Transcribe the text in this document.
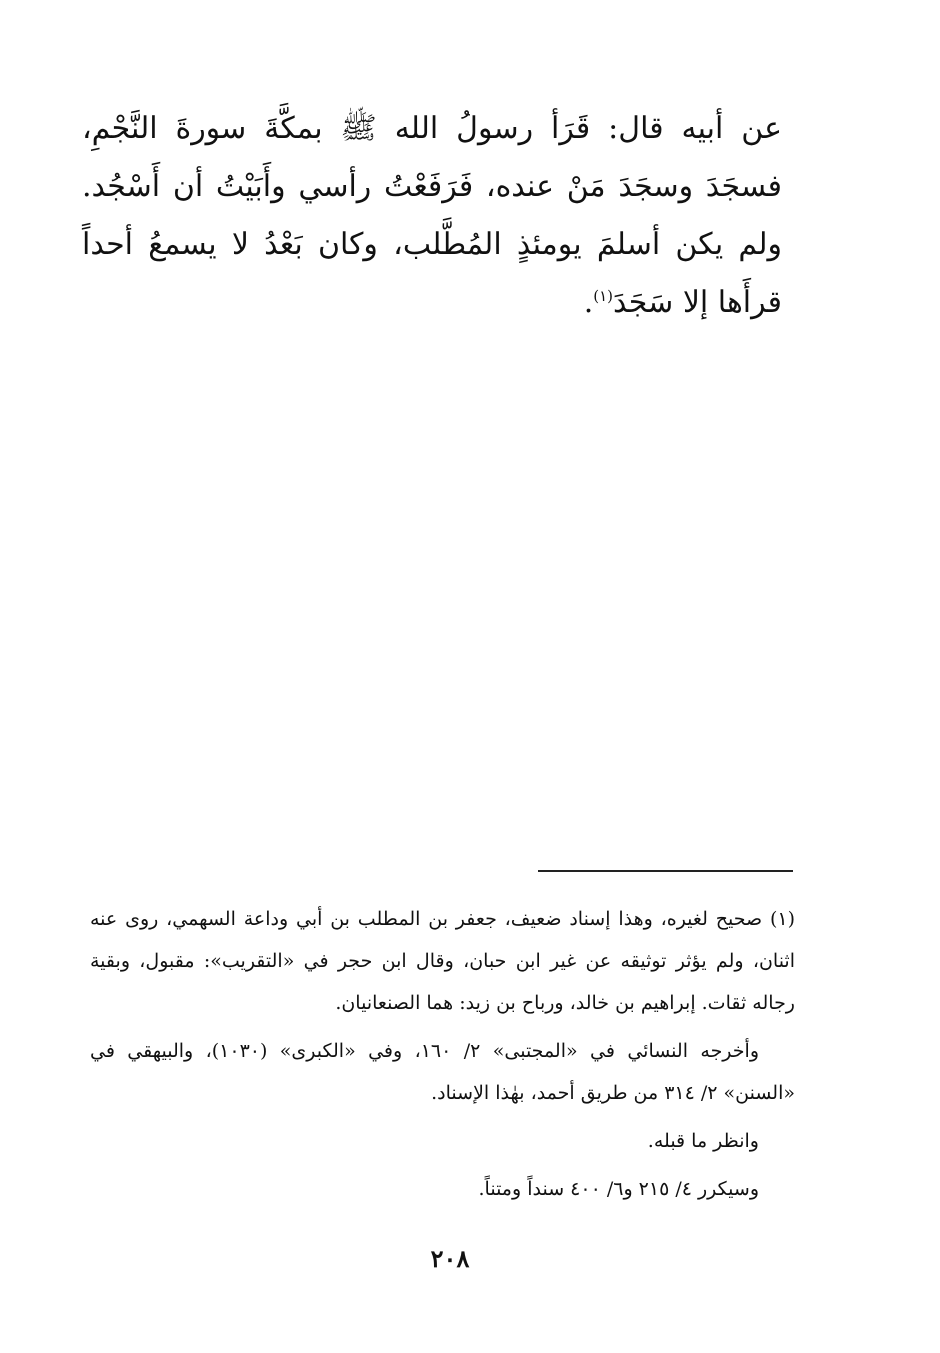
عن أبيه قال: قَرَأ رسولُ الله ﷺ بمكَّةَ سورةَ النَّجْمِ، فسجَدَ وسجَدَ مَنْ عنده، فَرَفَعْتُ رأسي وأَبَيْتُ أن أَسْجُد. ولم يكن أسلمَ يومئذٍ المُطَّلب، وكان بَعْدُ لا يسمعُ أحداً قرأَها إلا سَجَدَ$^{(١)}$.

(١) صحيح لغيره، وهذا إسناد ضعيف، جعفر بن المطلب بن أبي وداعة السهمي، روى عنه اثنان، ولم يؤثر توثيقه عن غير ابن حبان، وقال ابن حجر في «التقريب»: مقبول، وبقية رجاله ثقات. إبراهيم بن خالد، ورباح بن زيد: هما الصنعانيان.

وأخرجه النسائي في «المجتبى» ٢/ ١٦٠، وفي «الكبرى» (١٠٣٠)، والبيهقي في «السنن» ٢/ ٣١٤ من طريق أحمد، بهٰذا الإسناد.

وانظر ما قبله.

وسيكرر ٤/ ٢١٥ و٦/ ٤٠٠ سنداً ومتناً.

٢٠٨
